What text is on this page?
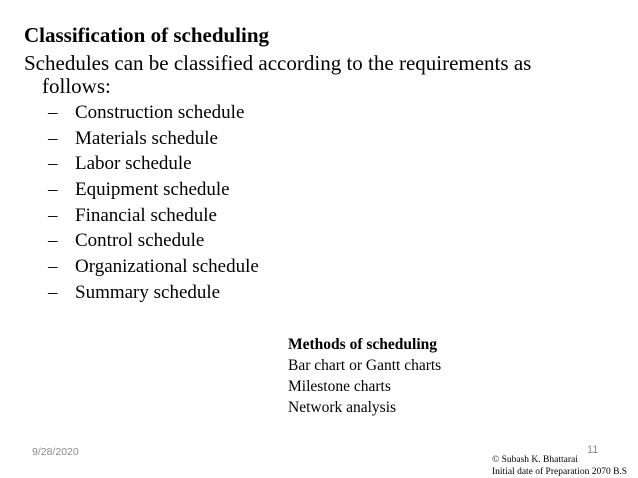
Classification of scheduling
Schedules can be classified according to the requirements as
follows:
– Construction schedule
– Materials schedule
– Labor schedule
– Equipment schedule
– Financial schedule
– Control schedule
– Organizational schedule
– Summary schedule
Methods of scheduling
Bar chart or Gantt charts
Milestone charts
Network analysis
9/28/2020	11
© Subash K. Bhattarai
Initial date of Preparation 2070 B.S
